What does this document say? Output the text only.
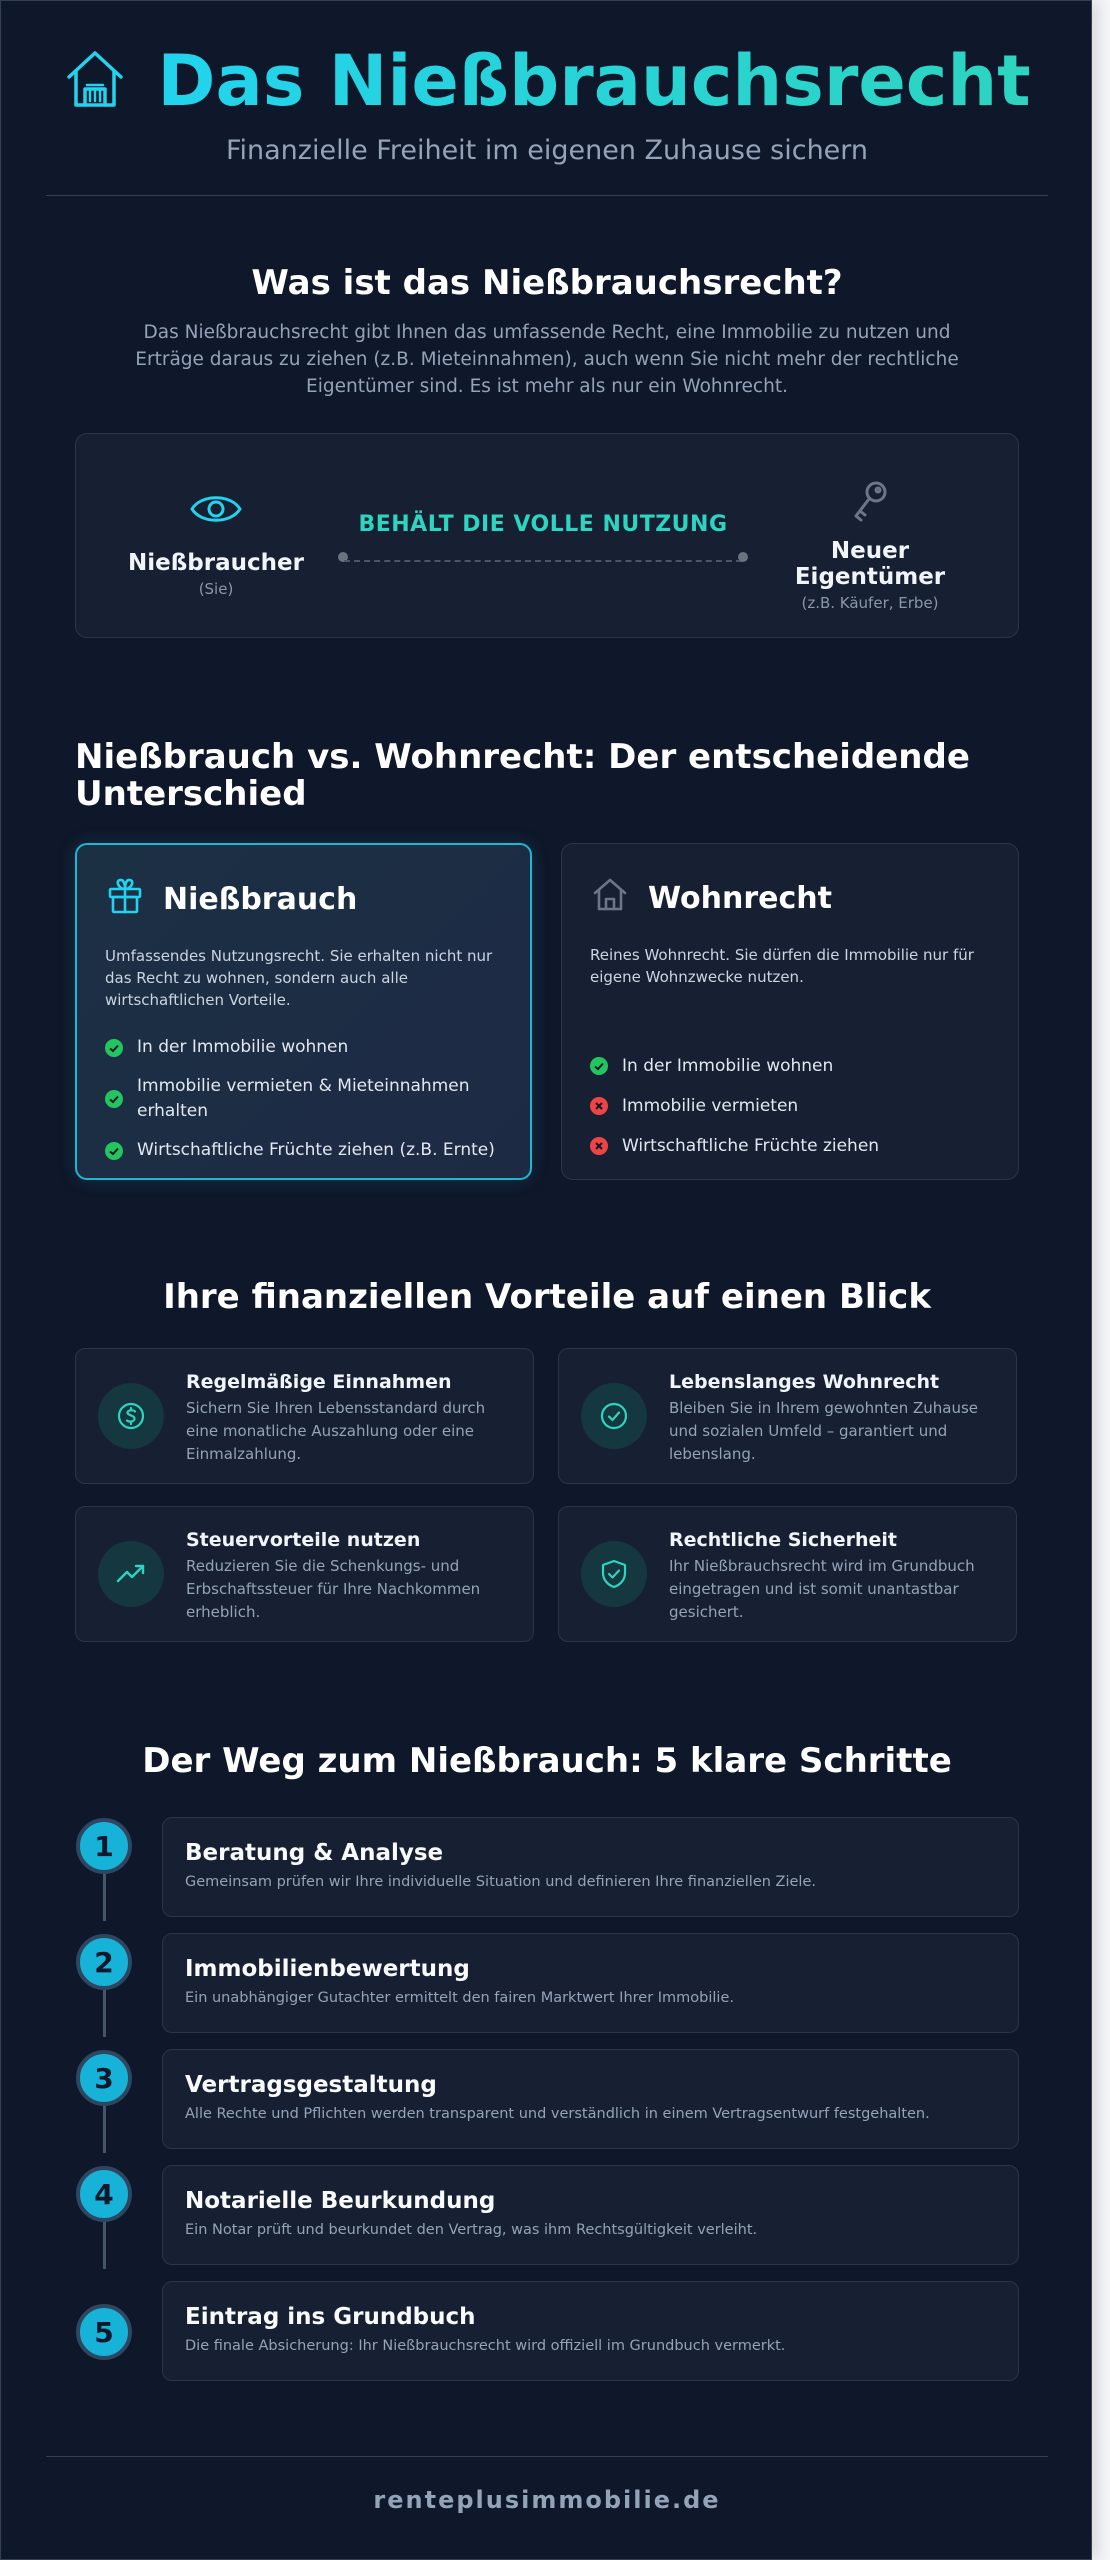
Das Nießbrauchsrecht
Finanzielle Freiheit im eigenen Zuhause sichern
Was ist das Nießbrauchsrecht?

Das Nießbrauchsrecht gibt Ihnen das umfassende Recht, eine Immobilie zu nutzen und Erträge daraus zu ziehen (z.B. Mieteinnahmen), auch wenn Sie nicht mehr der rechtliche Eigentümer sind. Es ist mehr als nur ein Wohnrecht.

Nießbraucher
(Sie)
BEHÄLT DIE VOLLE NUTZUNG
Neuer Eigentümer
(z.B. Käufer, Erbe)
Nießbrauch vs. Wohnrecht: Der entscheidende Unterschied
Nießbrauch

Umfassendes Nutzungsrecht. Sie erhalten nicht nur das Recht zu wohnen, sondern auch alle wirtschaftlichen Vorteile.

In der Immobilie wohnen
Immobilie vermieten & Mieteinnahmen erhalten
Wirtschaftliche Früchte ziehen (z.B. Ernte)
Wohnrecht

Reines Wohnrecht. Sie dürfen die Immobilie nur für eigene Wohnzwecke nutzen.

In der Immobilie wohnen
Immobilie vermieten
Wirtschaftliche Früchte ziehen
Ihre finanziellen Vorteile auf einen Blick
Regelmäßige Einnahmen
Sichern Sie Ihren Lebensstandard durch eine monatliche Auszahlung oder eine Einmalzahlung.
Lebenslanges Wohnrecht
Bleiben Sie in Ihrem gewohnten Zuhause und sozialen Umfeld – garantiert und lebenslang.
Steuervorteile nutzen
Reduzieren Sie die Schenkungs- und Erbschaftssteuer für Ihre Nachkommen erheblich.
Rechtliche Sicherheit
Ihr Nießbrauchsrecht wird im Grundbuch eingetragen und ist somit unantastbar gesichert.
Der Weg zum Nießbrauch: 5 klare Schritte
1	Beratung & Analyse
Gemeinsam prüfen wir Ihre individuelle Situation und definieren Ihre finanziellen Ziele.
2	Immobilienbewertung
Ein unabhängiger Gutachter ermittelt den fairen Marktwert Ihrer Immobilie.
3	Vertragsgestaltung
Alle Rechte und Pflichten werden transparent und verständlich in einem Vertragsentwurf festgehalten.
4	Notarielle Beurkundung
Ein Notar prüft und beurkundet den Vertrag, was ihm Rechtsgültigkeit verleiht.
5	Eintrag ins Grundbuch
Die finale Absicherung: Ihr Nießbrauchsrecht wird offiziell im Grundbuch vermerkt.
renteplusimmobilie.de
